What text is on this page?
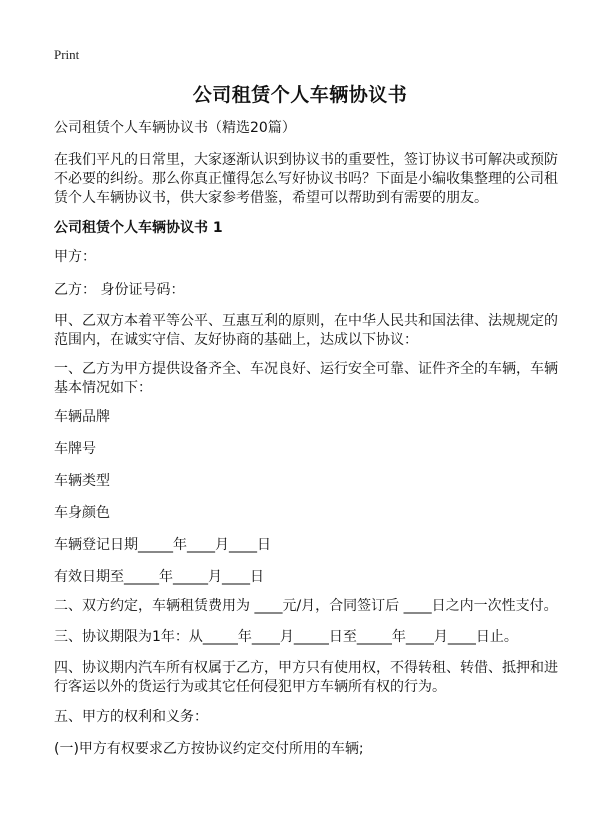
Print
公司租赁个人车辆协议书

公司租赁个人车辆协议书（精选20篇）

在我们平凡的日常里，大家逐渐认识到协议书的重要性，签订协议书可解决或预防

不必要的纠纷。那么你真正懂得怎么写好协议书吗？下面是小编收集整理的公司租

赁个人车辆协议书，供大家参考借鉴，希望可以帮助到有需要的朋友。

公司租赁个人车辆协议书 1

甲方：

乙方： 身份证号码：

甲、乙双方本着平等公平、互惠互利的原则，在中华人民共和国法律、法规规定的

范围内，在诚实守信、友好协商的基础上，达成以下协议：

一、乙方为甲方提供设备齐全、车况良好、运行安全可靠、证件齐全的车辆，车辆

基本情况如下：

车辆品牌

车牌号

车辆类型

车身颜色

车辆登记日期_____年____月____日

有效日期至_____年_____月____日

二、双方约定，车辆租赁费用为 ____元/月，合同签订后 ____日之内一次性支付。

三、协议期限为1年：从_____年____月_____日至_____年____月____日止。

四、协议期内汽车所有权属于乙方，甲方只有使用权，不得转租、转借、抵押和进

行客运以外的货运行为或其它任何侵犯甲方车辆所有权的行为。

五、甲方的权利和义务：

(一)甲方有权要求乙方按协议约定交付所用的车辆;
